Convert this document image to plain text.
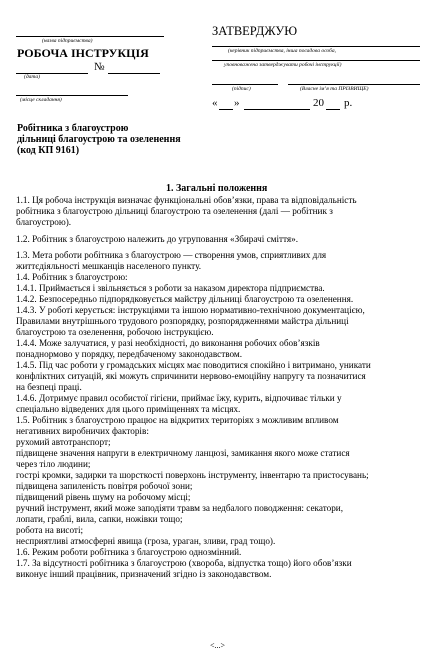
(назва підприємства)
РОБОЧА ІНСТРУКЦІЯ
№
(дата)
(місце складання)
ЗАТВЕРДЖУЮ
(керівник підприємства, інша посадова особа,
уповноважена затверджувати робочі інструкції)
(підпис)	(Власне ім’я та ПРІЗВИЩЕ)
« »	20 р.
Робітника з благоустрою
дільниці благоустрою та озеленення
(код КП 9161)
1. Загальні положення

1.1. Ця робоча інструкція визначає функціональні обов’язки, права та відповідальність
робітника з благоустрою дільниці благоустрою та озеленення (далі — робітник з
благоустрою).

1.2. Робітник з благоустрою належить до угруповання «Збирачі сміття».

1.3. Мета роботи робітника з благоустрою — створення умов, сприятливих для
життєдіяльності мешканців населеного пункту.

1.4. Робітник з благоустрою:

1.4.1. Приймається і звільняється з роботи за наказом директора підприємства.

1.4.2. Безпосередньо підпорядковується майстру дільниці благоустрою та озеленення.

1.4.3. У роботі керується: інструкціями та іншою нормативно-технічною документацією,
Правилами внутрішнього трудового розпорядку, розпорядженнями майстра дільниці
благоустрою та озеленення, робочою інструкцією.

1.4.4. Може залучатися, у разі необхідності, до виконання робочих обов’язків
понаднормово у порядку, передбаченому законодавством.

1.4.5. Під час роботи у громадських місцях має поводитися спокійно і витримано, уникати
конфліктних ситуацій, які можуть спричинити нервово-емоційну напругу та позначитися
на безпеці праці.

1.4.6. Дотримує правил особистої гігієни, приймає їжу, курить, відпочиває тільки у
спеціально відведених для цього приміщеннях та місцях.

1.5. Робітник з благоустрою працює на відкритих територіях з можливим впливом
негативних виробничих факторів:

рухомий автотранспорт;

підвищене значення напруги в електричному ланцюзі, замикання якого може статися
через тіло людини;

гострі кромки, задирки та шорсткості поверхонь інструменту, інвентарю та пристосувань;

підвищена запиленість повітря робочої зони;

підвищений рівень шуму на робочому місці;

ручний інструмент, який може заподіяти травм за недбалого поводження: секатори,
лопати, граблі, вила, сапки, ножівки тощо;

робота на висоті;

несприятливі атмосферні явища (гроза, ураган, зливи, град тощо).

1.6. Режим роботи робітника з благоустрою однозмінний.

1.7. За відсутності робітника з благоустрою (хвороба, відпустка тощо) його обов’язки
виконує інший працівник, призначений згідно із законодавством.

<...>
